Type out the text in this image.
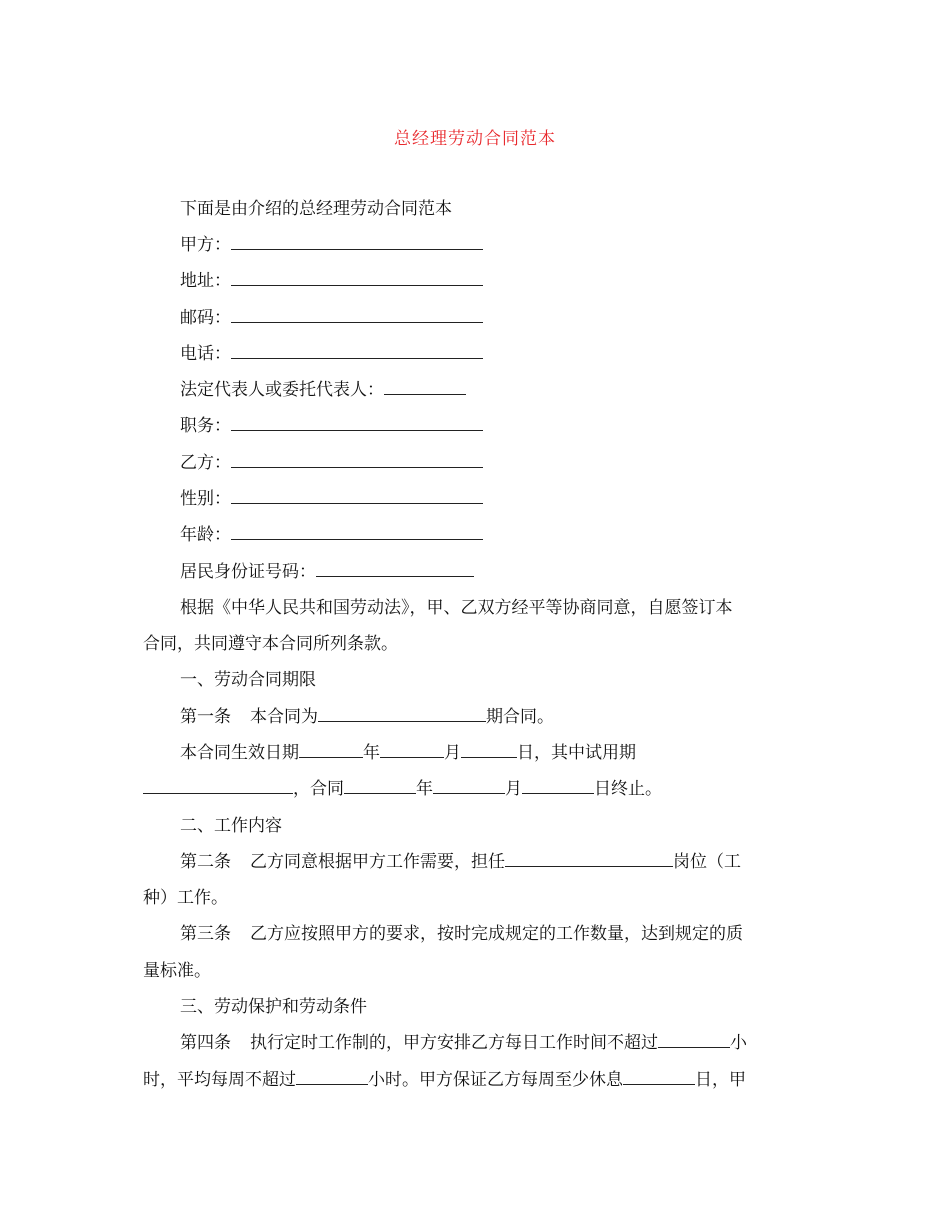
总经理劳动合同范本
下面是由介绍的总经理劳动合同范本
甲方：
地址：
邮码：
电话：
法定代表人或委托代表人：
职务：
乙方：
性别：
年龄：
居民身份证号码：
根据《中华人民共和国劳动法》，甲、乙双方经平等协商同意，自愿签订本
合同，共同遵守本合同所列条款。
一、劳动合同期限
第一条 本合同为	期合同。
本合同生效日期	年	月	日，其中试用期
，合同	年	月	日终止。
二、工作内容
第二条 乙方同意根据甲方工作需要，担任	岗位（工
种）工作。
第三条 乙方应按照甲方的要求，按时完成规定的工作数量，达到规定的质
量标准。
三、劳动保护和劳动条件
第四条 执行定时工作制的，甲方安排乙方每日工作时间不超过	小
时，平均每周不超过	小时。甲方保证乙方每周至少休息	日，甲
